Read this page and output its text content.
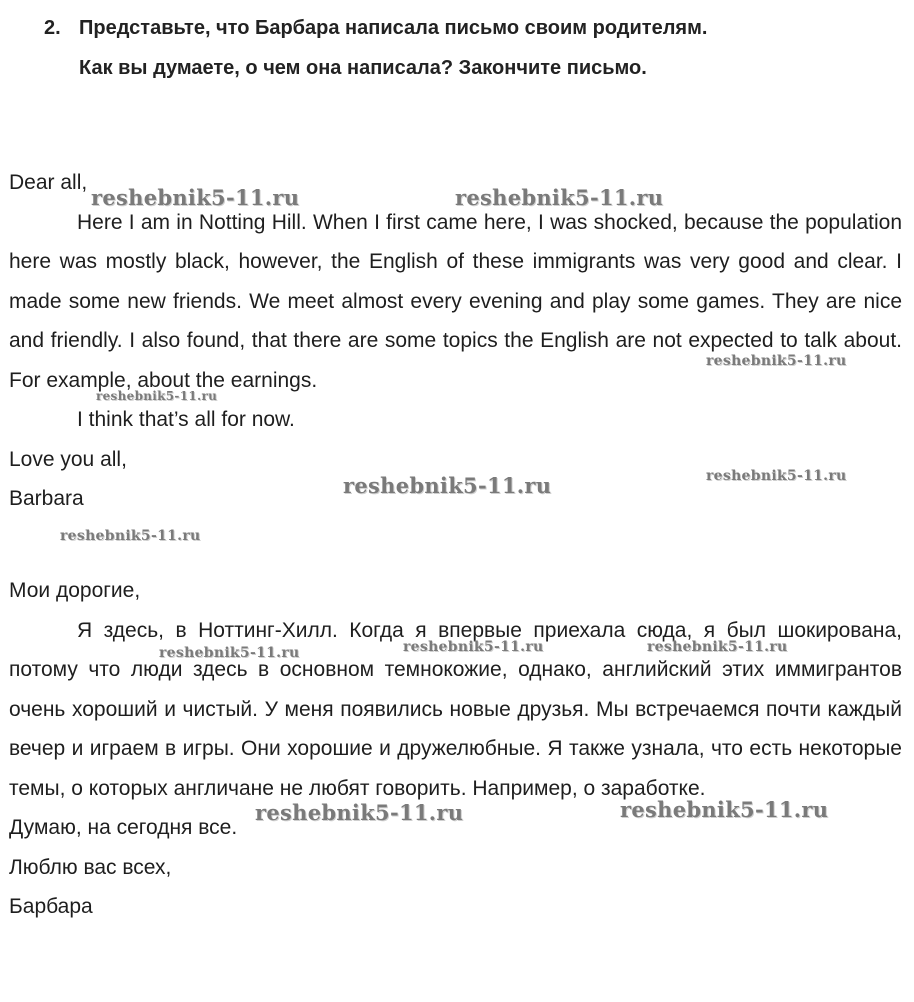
2. Представьте, что Барбара написала письмо своим родителям.
Как вы думаете, о чем она написала? Закончите письмо.

Dear all,

Here I am in Notting Hill. When I first came here, I was shocked, because the population here was mostly black, however, the English of these immigrants was very good and clear. I made some new friends. We meet almost every evening and play some games. They are nice and friendly. I also found, that there are some topics the English are not expected to talk about. For example, about the earnings.

I think that’s all for now.

Love you all,

Barbara

Мои дорогие,

Я здесь, в Ноттинг-Хилл. Когда я впервые приехала сюда, я был шокирована, потому что люди здесь в основном темнокожие, однако, английский этих иммигрантов очень хороший и чистый. У меня появились новые друзья. Мы встречаемся почти каждый вечер и играем в игры. Они хорошие и дружелюбные. Я также узнала, что есть некоторые темы, о которых англичане не любят говорить. Например, о заработке.

Думаю, на сегодня все.

Люблю вас всех,

Барбара

reshebnik5-11.ru	reshebnik5-11.ru
reshebnik5-11.ru
reshebnik5-11.ru
reshebnik5-11.ru	reshebnik5-11.ru
reshebnik5-11.ru
reshebnik5-11.ru	reshebnik5-11.ru	reshebnik5-11.ru
reshebnik5-11.ru	reshebnik5-11.ru
